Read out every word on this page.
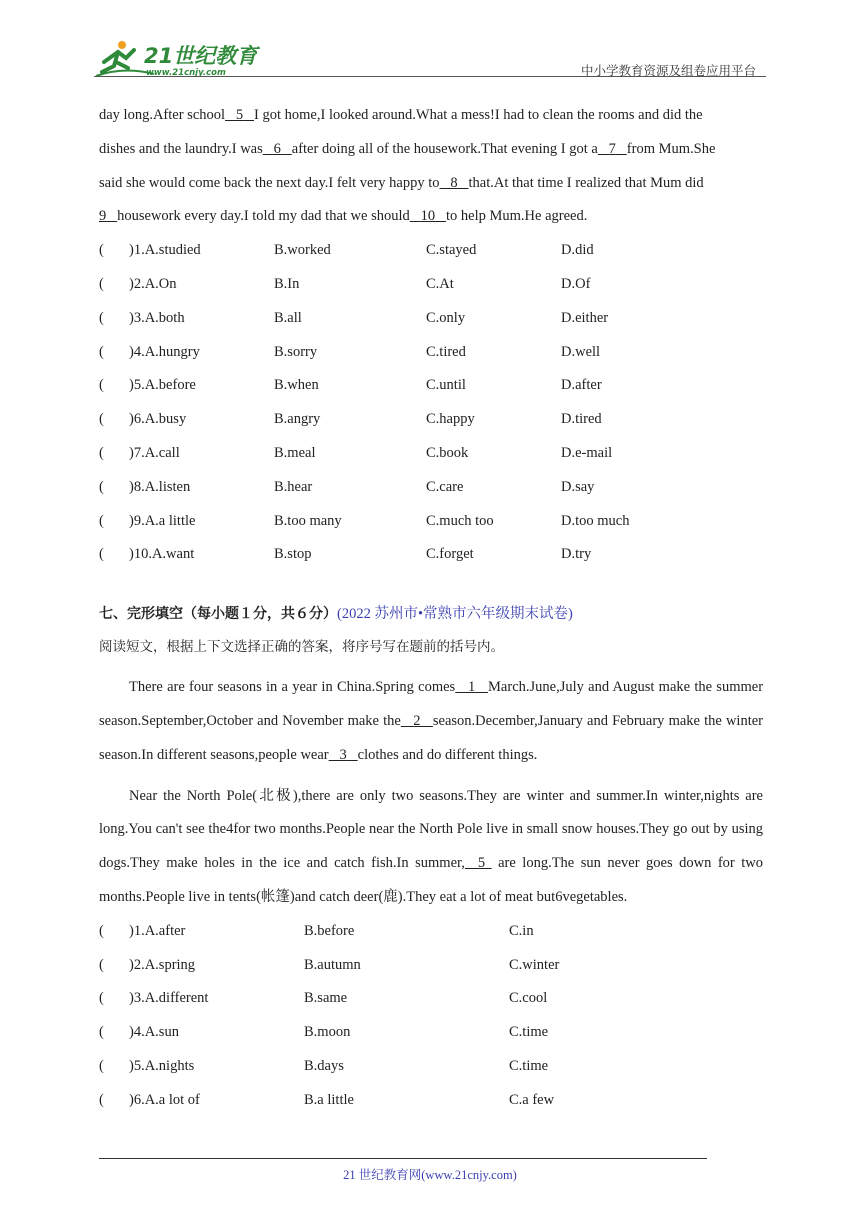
21世纪教育
www.21cnjy.com	中小学教育资源及组卷应用平台
day long.After school 5 I got home,I looked around.What a mess!I had to clean the rooms and did the
dishes and the laundry.I was 6 after doing all of the housework.That evening I got a 7 from Mum.She
said she would come back the next day.I felt very happy to 8 that.At that time I realized that Mum did
9 housework every day.I told my dad that we should 10 to help Mum.He agreed.
( )1.A.studied	B.worked	C.stayed	D.did
( )2.A.On	B.In	C.At	D.Of
( )3.A.both	B.all	C.only	D.either
( )4.A.hungry	B.sorry	C.tired	D.well
( )5.A.before	B.when	C.until	D.after
( )6.A.busy	B.angry	C.happy	D.tired
( )7.A.call	B.meal	C.book	D.e-mail
( )8.A.listen	B.hear	C.care	D.say
( )9.A.a little	B.too many	C.much too	D.too much
( )10.A.want	B.stop	C.forget	D.try
七、完形填空（每小题１分，共６分）(2022 苏州市•常熟市六年级期末试卷)
阅读短文，根据上下文选择正确的答案，将序号写在题前的括号内。

There are four seasons in a year in China.Spring comes 1 March.June,July and August make the summer season.September,October and November make the 2 season.December,January and February make the winter season.In different seasons,people wear 3 clothes and do different things.

Near the North Pole(北极),there are only two seasons.They are winter and summer.In winter,nights are long.You can't see the4for two months.People near the North Pole live in small snow houses.They go out by using dogs.They make holes in the ice and catch fish.In summer, 5  are long.The sun never goes down for two months.People live in tents(帐篷)and catch deer(鹿).They eat a lot of meat but6vegetables.

( )1.A.after	B.before	C.in
( )2.A.spring	B.autumn	C.winter
( )3.A.different	B.same	C.cool
( )4.A.sun	B.moon	C.time
( )5.A.nights	B.days	C.time
( )6.A.a lot of	B.a little	C.a few
21 世纪教育网(www.21cnjy.com)
